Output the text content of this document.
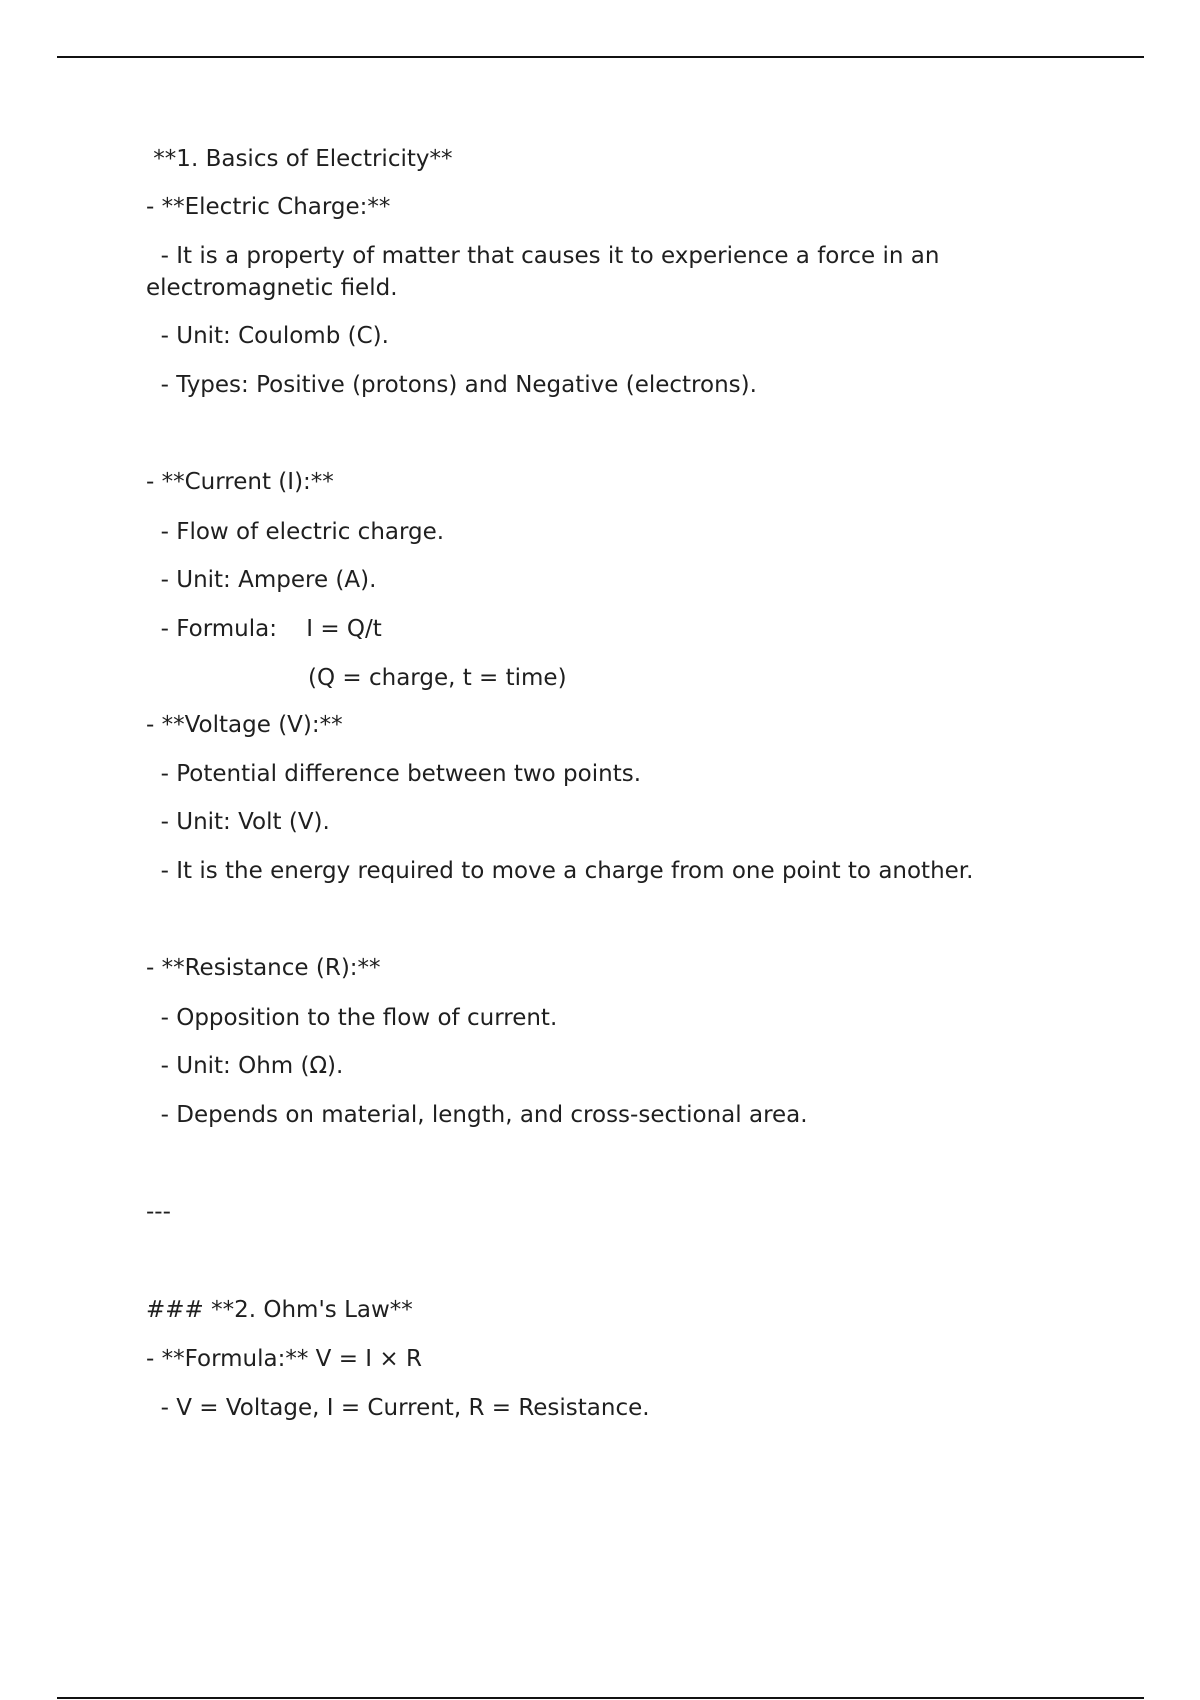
**1. Basics of Electricity**
- **Electric Charge:**
- It is a property of matter that causes it to experience a force in an electromagnetic field.
- Unit: Coulomb (C).
- Types: Positive (protons) and Negative (electrons).
- **Current (I):**
- Flow of electric charge.
- Unit: Ampere (A).
- Formula:    I = Q/t
(Q = charge, t = time)
- **Voltage (V):**
- Potential difference between two points.
- Unit: Volt (V).
- It is the energy required to move a charge from one point to another.
- **Resistance (R):**
- Opposition to the flow of current.
- Unit: Ohm (Ω).
- Depends on material, length, and cross-sectional area.
---
### **2. Ohm's Law**
- **Formula:** V = I × R
- V = Voltage, I = Current, R = Resistance.
